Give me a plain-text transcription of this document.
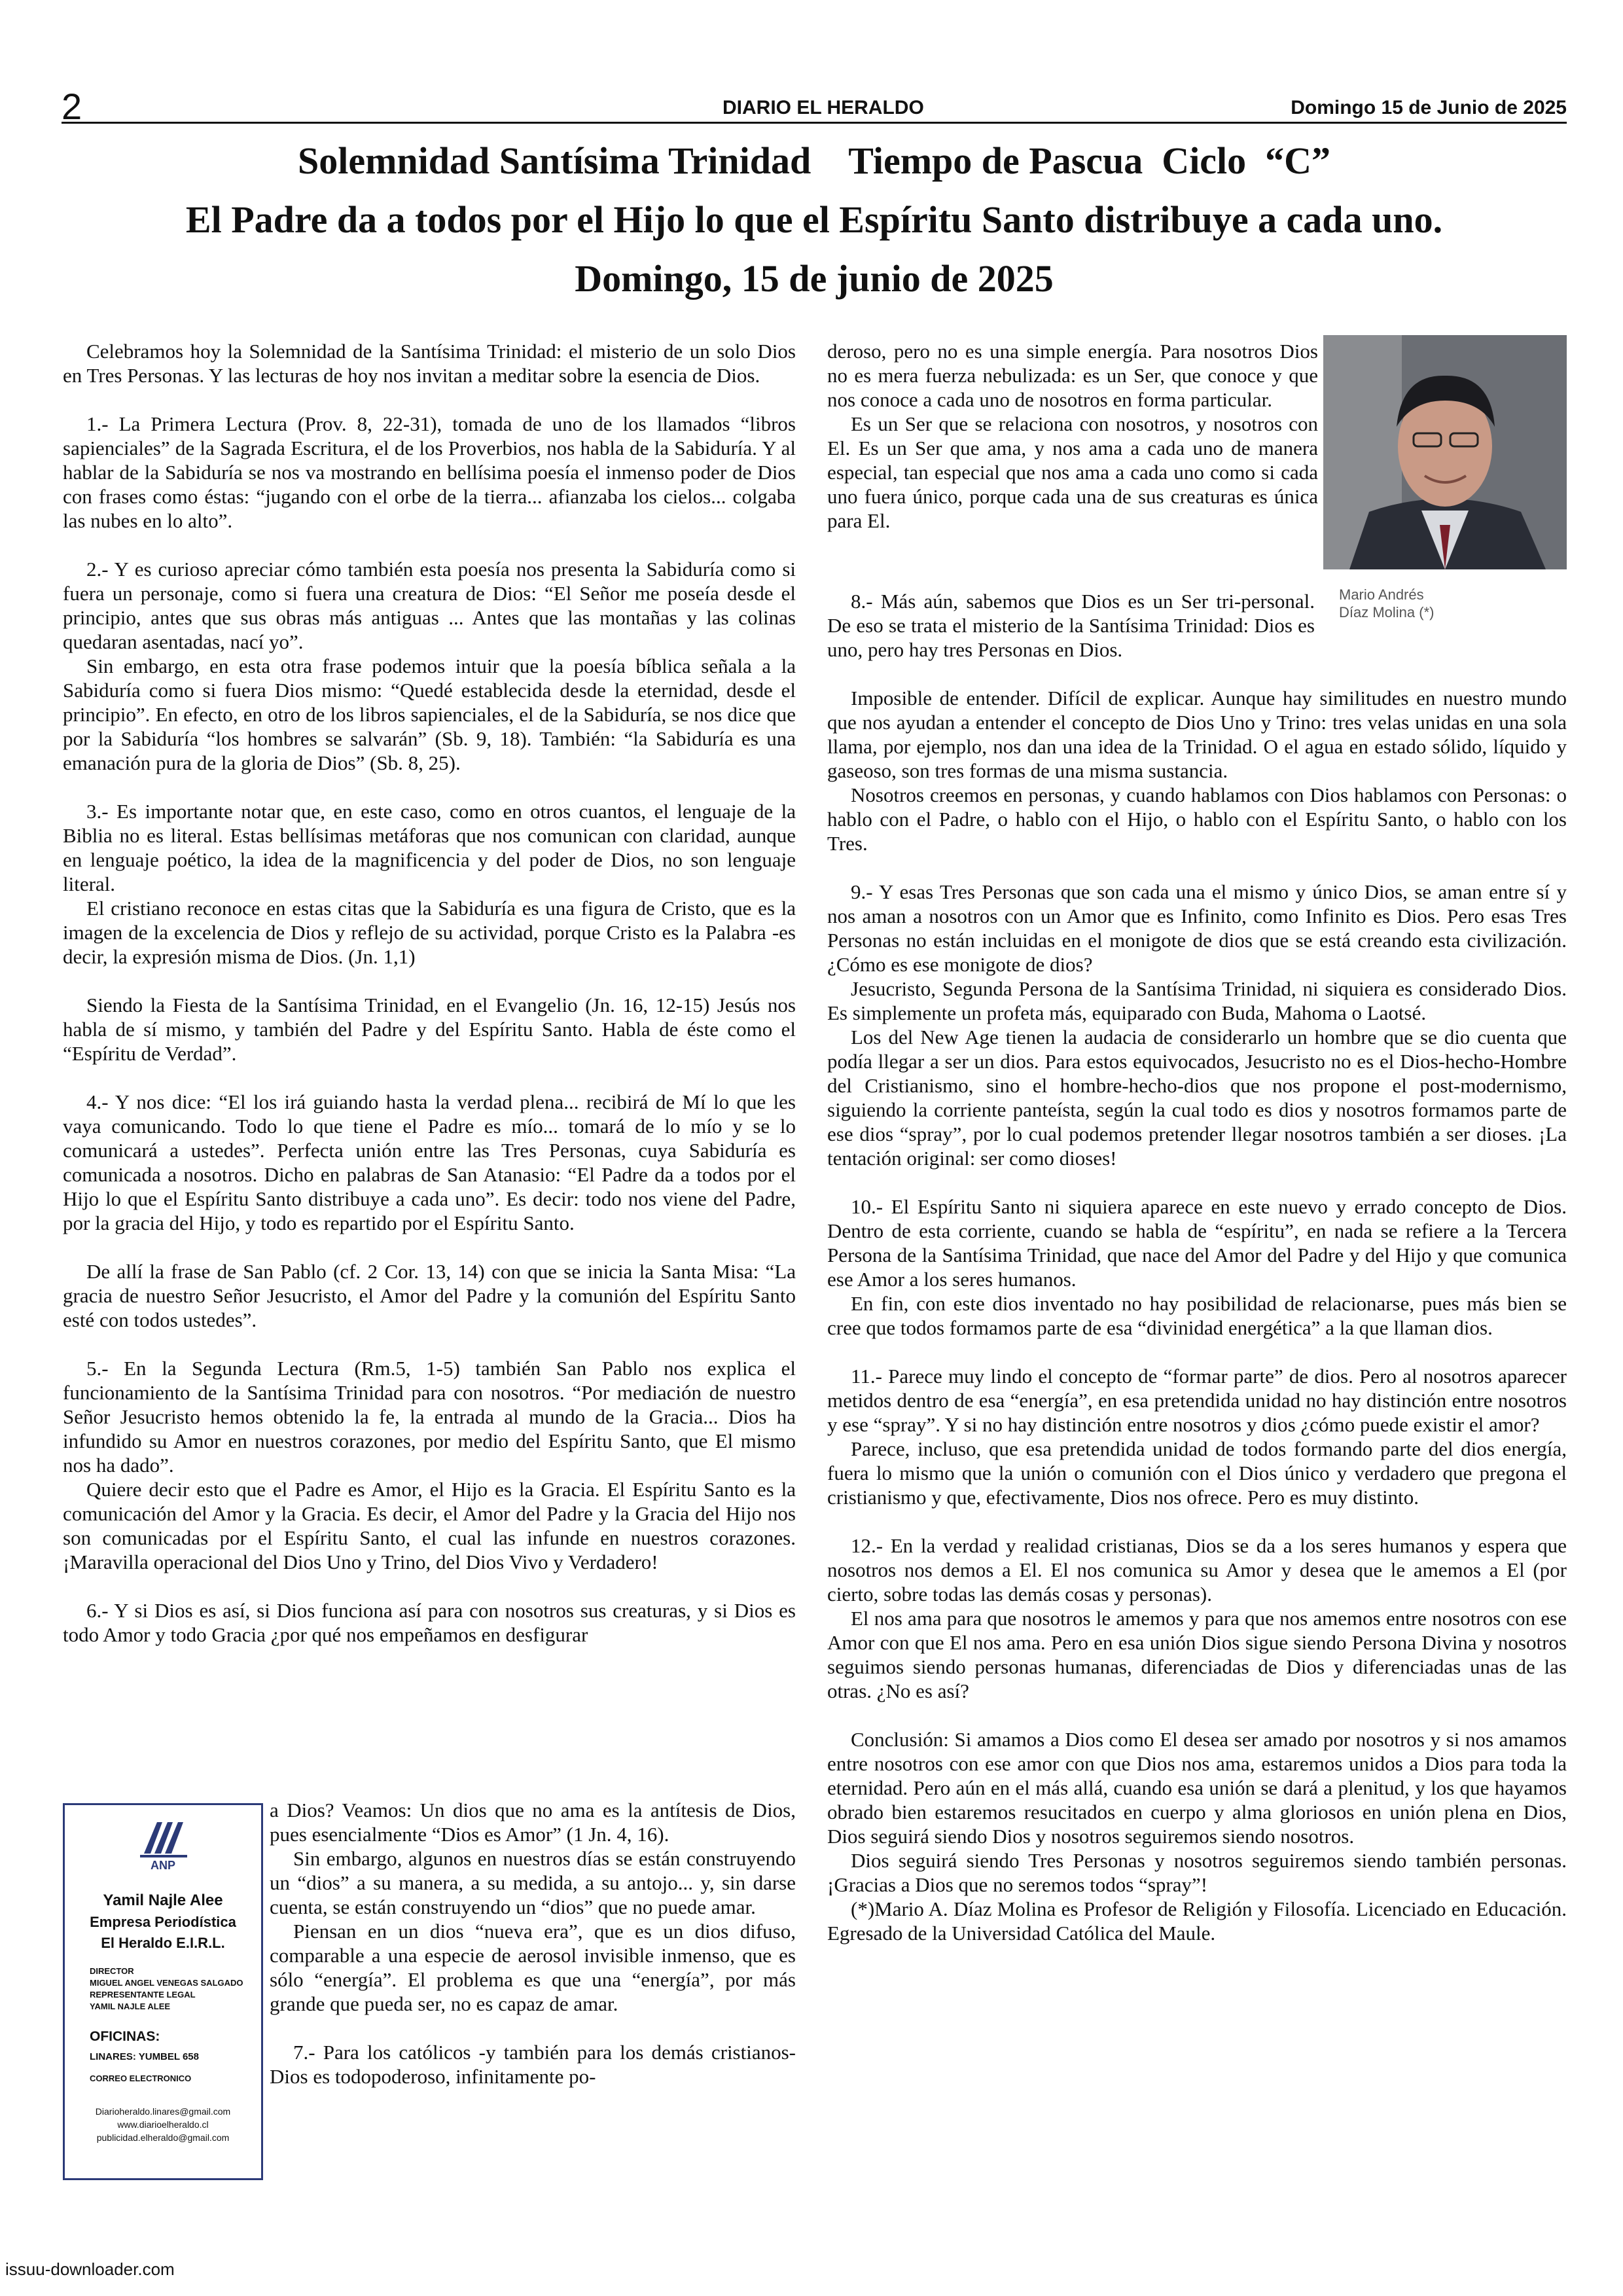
2	DIARIO EL HERALDO	Domingo 15 de Junio de 2025
Solemnidad Santísima Trinidad    Tiempo de Pascua  Ciclo  “C”
El Padre da a todos por el Hijo lo que el Espíritu Santo distribuye a cada uno.
Domingo, 15 de junio de 2025

Celebramos hoy la Solemnidad de la Santísima Trinidad: el misterio de un solo Dios en Tres Personas. Y las lecturas de hoy nos invitan a meditar sobre la esencia de Dios.

1.- La Primera Lectura (Prov. 8, 22-31), tomada de uno de los llamados “libros sapienciales” de la Sagrada Escritura, el de los Proverbios, nos habla de la Sabiduría. Y al hablar de la Sabiduría se nos va mostrando en bellísima poesía el inmenso poder de Dios con frases como éstas: “jugando con el orbe de la tierra... afianzaba los cielos... colgaba las nubes en lo alto”.

2.- Y es curioso apreciar cómo también esta poesía nos presenta la Sabiduría como si fuera un personaje, como si fuera una creatura de Dios: “El Señor me poseía desde el principio, antes que sus obras más antiguas ... Antes que las montañas y las colinas quedaran asentadas, nací yo”.

Sin embargo, en esta otra frase podemos intuir que la poesía bíblica señala a la Sabiduría como si fuera Dios mismo: “Quedé establecida desde la eternidad, desde el principio”. En efecto, en otro de los libros sapienciales, el de la Sabiduría, se nos dice que por la Sabiduría “los hombres se salvarán” (Sb. 9, 18). También: “la Sabiduría es una emanación pura de la gloria de Dios” (Sb. 8, 25).

3.- Es importante notar que, en este caso, como en otros cuantos, el lenguaje de la Biblia no es literal. Estas bellísimas metáforas que nos comunican con claridad, aunque en lenguaje poético, la idea de la magnificencia y del poder de Dios, no son lenguaje literal.

El cristiano reconoce en estas citas que la Sabiduría es una figura de Cristo, que es la imagen de la excelencia de Dios y reflejo de su actividad, porque Cristo es la Palabra -es decir, la expresión misma de Dios. (Jn. 1,1)

Siendo la Fiesta de la Santísima Trinidad, en el Evangelio (Jn. 16, 12-15) Jesús nos habla de sí mismo, y también del Padre y del Espíritu Santo. Habla de éste como el “Espíritu de Verdad”.

4.- Y nos dice: “El los irá guiando hasta la verdad plena... recibirá de Mí lo que les vaya comunicando. Todo lo que tiene el Padre es mío... tomará de lo mío y se lo comunicará a ustedes”. Perfecta unión entre las Tres Personas, cuya Sabiduría es comunicada a nosotros. Dicho en palabras de San Atanasio: “El Padre da a todos por el Hijo lo que el Espíritu Santo distribuye a cada uno”. Es decir: todo nos viene del Padre, por la gracia del Hijo, y todo es repartido por el Espíritu Santo.

De allí la frase de San Pablo (cf. 2 Cor. 13, 14) con que se inicia la Santa Misa: “La gracia de nuestro Señor Jesucristo, el Amor del Padre y la comunión del Espíritu Santo esté con todos ustedes”.

5.- En la Segunda Lectura (Rm.5, 1-5) también San Pablo nos explica el funcionamiento de la Santísima Trinidad para con nosotros. “Por mediación de nuestro Señor Jesucristo hemos obtenido la fe, la entrada al mundo de la Gracia... Dios ha infundido su Amor en nuestros corazones, por medio del Espíritu Santo, que El mismo nos ha dado”.

Quiere decir esto que el Padre es Amor, el Hijo es la Gracia. El Espíritu Santo es la comunicación del Amor y la Gracia. Es decir, el Amor del Padre y la Gracia del Hijo nos son comunicadas por el Espíritu Santo, el cual las infunde en nuestros corazones. ¡Maravilla operacional del Dios Uno y Trino, del Dios Vivo y Verdadero!

6.- Y si Dios es así, si Dios funciona así para con nosotros sus creaturas, y si Dios es todo Amor y todo Gracia ¿por qué nos empeñamos en desfigurar

a Dios? Veamos: Un dios que no ama es la antítesis de Dios, pues esencialmente “Dios es Amor” (1 Jn. 4, 16).

Sin embargo, algunos en nuestros días se están construyendo un “dios” a su manera, a su medida, a su antojo... y, sin darse cuenta, se están construyendo un “dios” que no puede amar.

Piensan en un dios “nueva era”, que es un dios difuso, comparable a una especie de aerosol invisible inmenso, que es sólo “energía”. El problema es que una “energía”, por más grande que pueda ser, no es capaz de amar.

7.- Para los católicos -y también para los demás cristianos- Dios es todopoderoso, infinitamente po-

ANP
Yamil Najle Alee
Empresa Periodística
El Heraldo E.I.R.L.
DIRECTOR
MIGUEL ANGEL VENEGAS SALGADO
REPRESENTANTE LEGAL
YAMIL NAJLE ALEE
OFICINAS:
LINARES: YUMBEL 658
CORREO ELECTRONICO
Diarioheraldo.linares@gmail.com
www.diarioelheraldo.cl
publicidad.elheraldo@gmail.com

deroso, pero no es una simple energía. Para nosotros Dios no es mera fuerza nebulizada: es un Ser, que conoce y que nos conoce a cada uno de nosotros en forma particular.

Es un Ser que se relaciona con nosotros, y nosotros con El. Es un Ser que ama, y nos ama a cada uno de manera especial, tan especial que nos ama a cada uno como si cada uno fuera único, porque cada una de sus creaturas es única para El.

Mario Andrés
Díaz Molina (*)

8.- Más aún, sabemos que Dios es un Ser tri-personal. De eso se trata el misterio de la Santísima Trinidad: Dios es uno, pero hay tres Personas en Dios.

Imposible de entender. Difícil de explicar. Aunque hay similitudes en nuestro mundo que nos ayudan a entender el concepto de Dios Uno y Trino: tres velas unidas en una sola llama, por ejemplo, nos dan una idea de la Trinidad. O el agua en estado sólido, líquido y gaseoso, son tres formas de una misma sustancia.

Nosotros creemos en personas, y cuando hablamos con Dios hablamos con Personas: o hablo con el Padre, o hablo con el Hijo, o hablo con el Espíritu Santo, o hablo con los Tres.

9.- Y esas Tres Personas que son cada una el mismo y único Dios, se aman entre sí y nos aman a nosotros con un Amor que es Infinito, como Infinito es Dios. Pero esas Tres Personas no están incluidas en el monigote de dios que se está creando esta civilización. ¿Cómo es ese monigote de dios?

Jesucristo, Segunda Persona de la Santísima Trinidad, ni siquiera es considerado Dios. Es simplemente un profeta más, equiparado con Buda, Mahoma o Laotsé.

Los del New Age tienen la audacia de considerarlo un hombre que se dio cuenta que podía llegar a ser un dios. Para estos equivocados, Jesucristo no es el Dios-hecho-Hombre del Cristianismo, sino el hombre-hecho-dios que nos propone el post-modernismo, siguiendo la corriente panteísta, según la cual todo es dios y nosotros formamos parte de ese dios “spray”, por lo cual podemos pretender llegar nosotros también a ser dioses. ¡La tentación original: ser como dioses!

10.- El Espíritu Santo ni siquiera aparece en este nuevo y errado concepto de Dios. Dentro de esta corriente, cuando se habla de “espíritu”, en nada se refiere a la Tercera Persona de la Santísima Trinidad, que nace del Amor del Padre y del Hijo y que comunica ese Amor a los seres humanos.

En fin, con este dios inventado no hay posibilidad de relacionarse, pues más bien se cree que todos formamos parte de esa “divinidad energética” a la que llaman dios.

11.- Parece muy lindo el concepto de “formar parte” de dios. Pero al nosotros aparecer metidos dentro de esa “energía”, en esa pretendida unidad no hay distinción entre nosotros y ese “spray”. Y si no hay distinción entre nosotros y dios ¿cómo puede existir el amor?

Parece, incluso, que esa pretendida unidad de todos formando parte del dios energía, fuera lo mismo que la unión o comunión con el Dios único y verdadero que pregona el cristianismo y que, efectivamente, Dios nos ofrece. Pero es muy distinto.

12.- En la verdad y realidad cristianas, Dios se da a los seres humanos y espera que nosotros nos demos a El. El nos comunica su Amor y desea que le amemos a El (por cierto, sobre todas las demás cosas y personas).

El nos ama para que nosotros le amemos y para que nos amemos entre nosotros con ese Amor con que El nos ama. Pero en esa unión Dios sigue siendo Persona Divina y nosotros seguimos siendo personas humanas, diferenciadas de Dios y diferenciadas unas de las otras. ¿No es así?

Conclusión: Si amamos a Dios como El desea ser amado por nosotros y si nos amamos entre nosotros con ese amor con que Dios nos ama, estaremos unidos a Dios para toda la eternidad. Pero aún en el más allá, cuando esa unión se dará a plenitud, y los que hayamos obrado bien estaremos resucitados en cuerpo y alma gloriosos en unión plena en Dios, Dios seguirá siendo Dios y nosotros seguiremos siendo nosotros.

Dios seguirá siendo Tres Personas y nosotros seguiremos siendo también personas. ¡Gracias a Dios que no seremos todos “spray”!

(*)Mario A. Díaz Molina es Profesor de Religión y Filosofía. Licenciado en Educación. Egresado de la Universidad Católica del Maule.

issuu-downloader.com
